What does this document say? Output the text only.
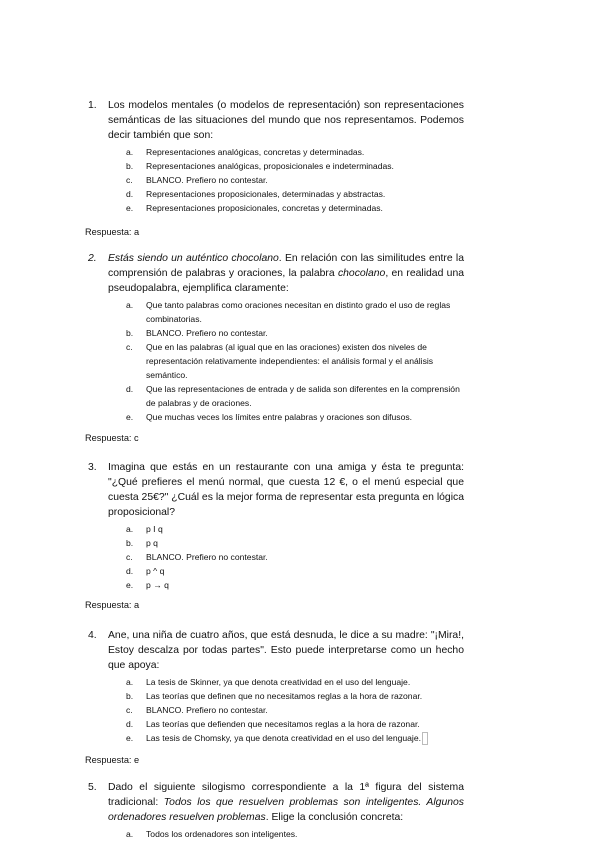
1.	Los modelos mentales (o modelos de representación) son representaciones semánticas de las situaciones del mundo que nos representamos. Podemos decir también que son:
a.	Representaciones analógicas, concretas y determinadas.
b.	Representaciones analógicas, proposicionales e indeterminadas.
c.	BLANCO. Prefiero no contestar.
d.	Representaciones proposicionales, determinadas y abstractas.
e.	Representaciones proposicionales, concretas y determinadas.
Respuesta: a
2.	Estás siendo un auténtico chocolano. En relación con las similitudes entre la comprensión de palabras y oraciones, la palabra chocolano, en realidad una pseudopalabra, ejemplifica claramente:
a.	Que tanto palabras como oraciones necesitan en distinto grado el uso de reglas combinatorias.
b.	BLANCO. Prefiero no contestar.
c.	Que en las palabras (al igual que en las oraciones) existen dos niveles de representación relativamente independientes: el análisis formal y el análisis semántico.
d.	Que las representaciones de entrada y de salida son diferentes en la comprensión de palabras y de oraciones.
e.	Que muchas veces los límites entre palabras y oraciones son difusos.
Respuesta: c
3.	Imagina que estás en un restaurante con una amiga y ésta te pregunta: "¿Qué prefieres el menú normal, que cuesta 12 €, o el menú especial que cuesta 25€?" ¿Cuál es la mejor forma de representar esta pregunta en lógica proposicional?
a.	p I q
b.	p q
c.	BLANCO. Prefiero no contestar.
d.	p ^ q
e.	p → q
Respuesta: a
4.	Ane, una niña de cuatro años, que está desnuda, le dice a su madre: "¡Mira!, Estoy descalza por todas partes". Esto puede interpretarse como un hecho que apoya:
a.	La tesis de Skinner, ya que denota creatividad en el uso del lenguaje.
b.	Las teorías que definen que no necesitamos reglas a la hora de razonar.
c.	BLANCO. Prefiero no contestar.
d.	Las teorías que defienden que necesitamos reglas a la hora de razonar.
e.	Las tesis de Chomsky, ya que denota creatividad en el uso del lenguaje.
Respuesta: e
5.	Dado el siguiente silogismo correspondiente a la 1ª figura del sistema tradicional: Todos los que resuelven problemas son inteligentes. Algunos ordenadores resuelven problemas. Elige la conclusión concreta:
a.	Todos los ordenadores son inteligentes.
